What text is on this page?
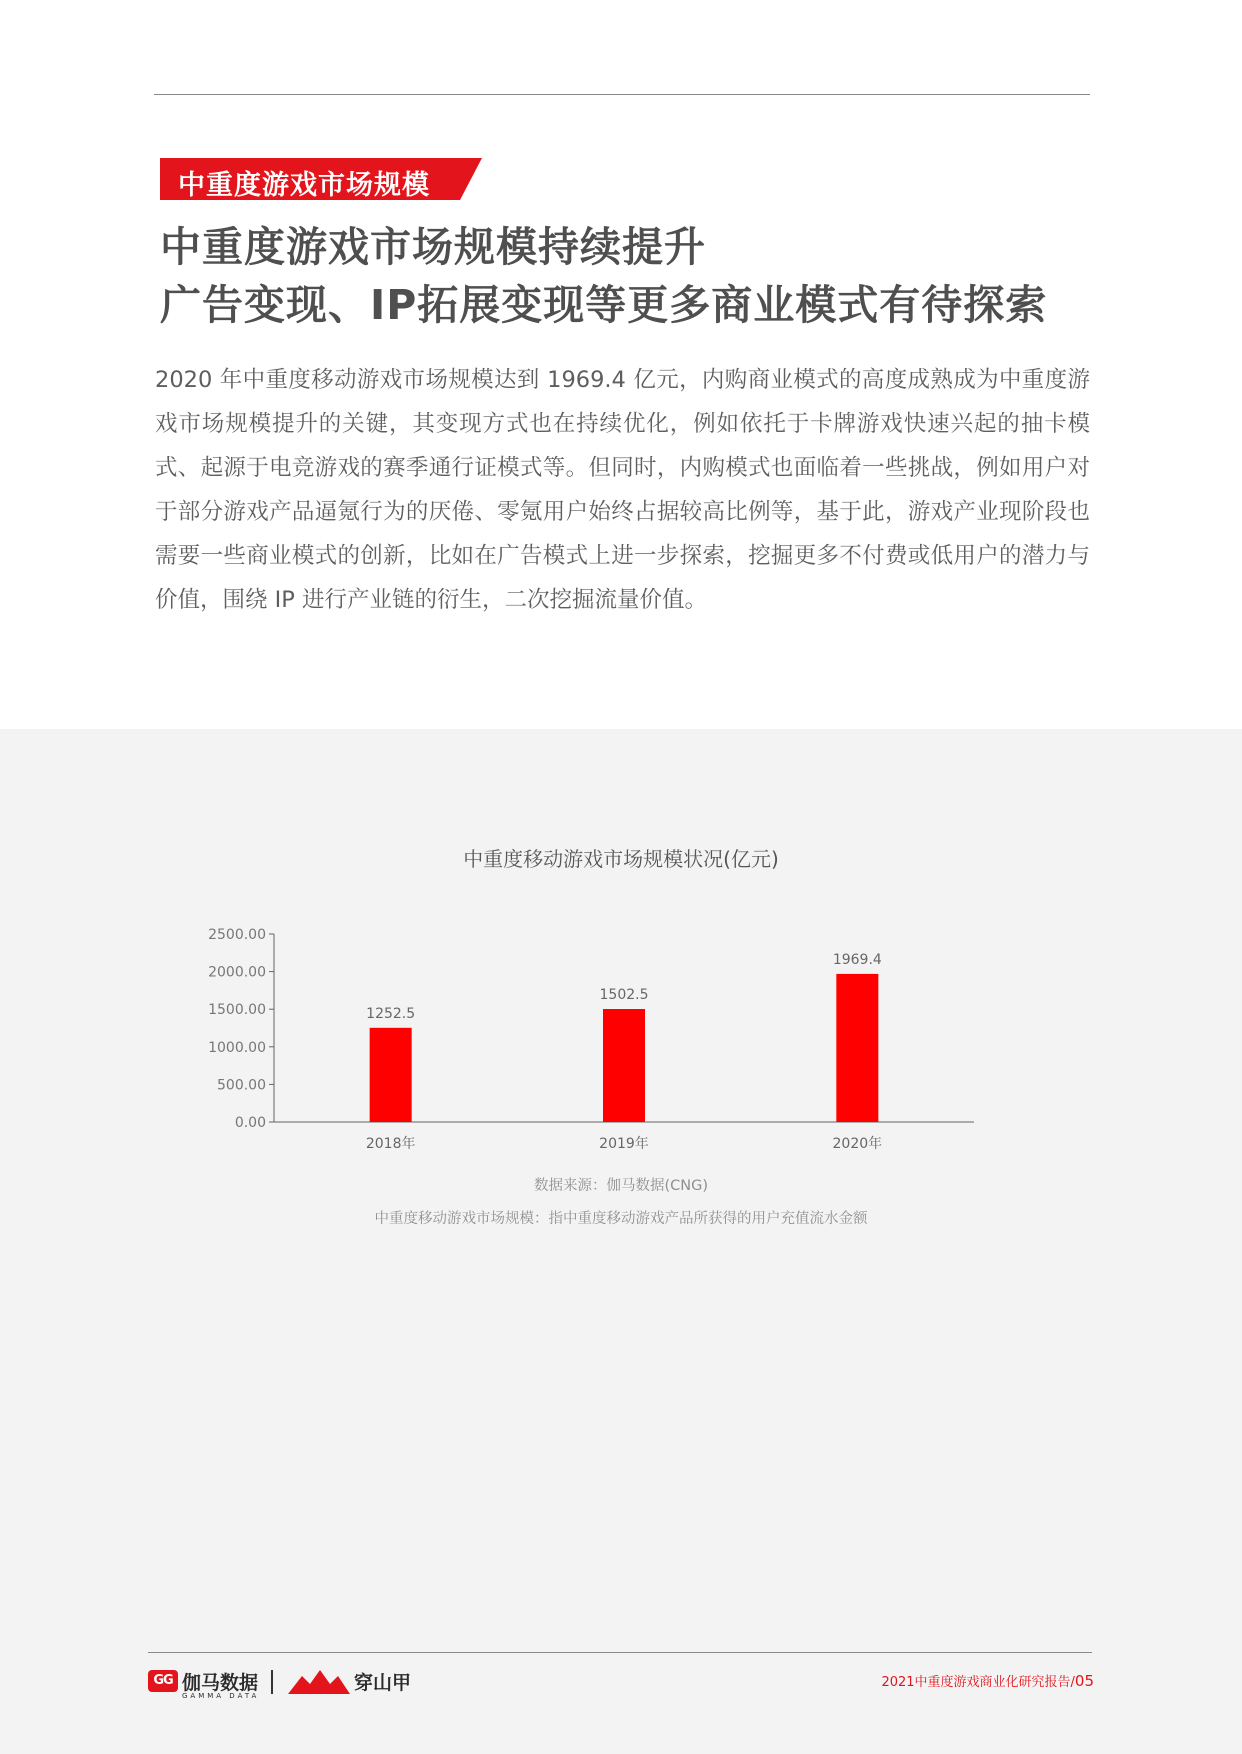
中重度游戏市场规模
中重度游戏市场规模持续提升
广告变现、IP拓展变现等更多商业模式有待探索
2020 年中重度移动游戏市场规模达到 1969.4 亿元，内购商业模式的高度成熟成为中重度游戏市场规模提升的关键，其变现方式也在持续优化，例如依托于卡牌游戏快速兴起的抽卡模式、起源于电竞游戏的赛季通行证模式等。但同时，内购模式也面临着一些挑战，例如用户对于部分游戏产品逼氪行为的厌倦、零氪用户始终占据较高比例等，基于此，游戏产业现阶段也需要一些商业模式的创新，比如在广告模式上进一步探索，挖掘更多不付费或低用户的潜力与价值，围绕 IP 进行产业链的衍生，二次挖掘流量价值。
中重度移动游戏市场规模状况(亿元)
0.00
500.00
1000.00
1500.00
2000.00
2500.00
1252.5
2018年
1502.5
2019年
1969.4
2020年
数据来源：伽马数据(CNG)
中重度移动游戏市场规模：指中重度移动游戏产品所获得的用户充值流水金额
GG 伽马数据
GAMMA DATA
穿山甲	2021中重度游戏商业化研究报告/05
